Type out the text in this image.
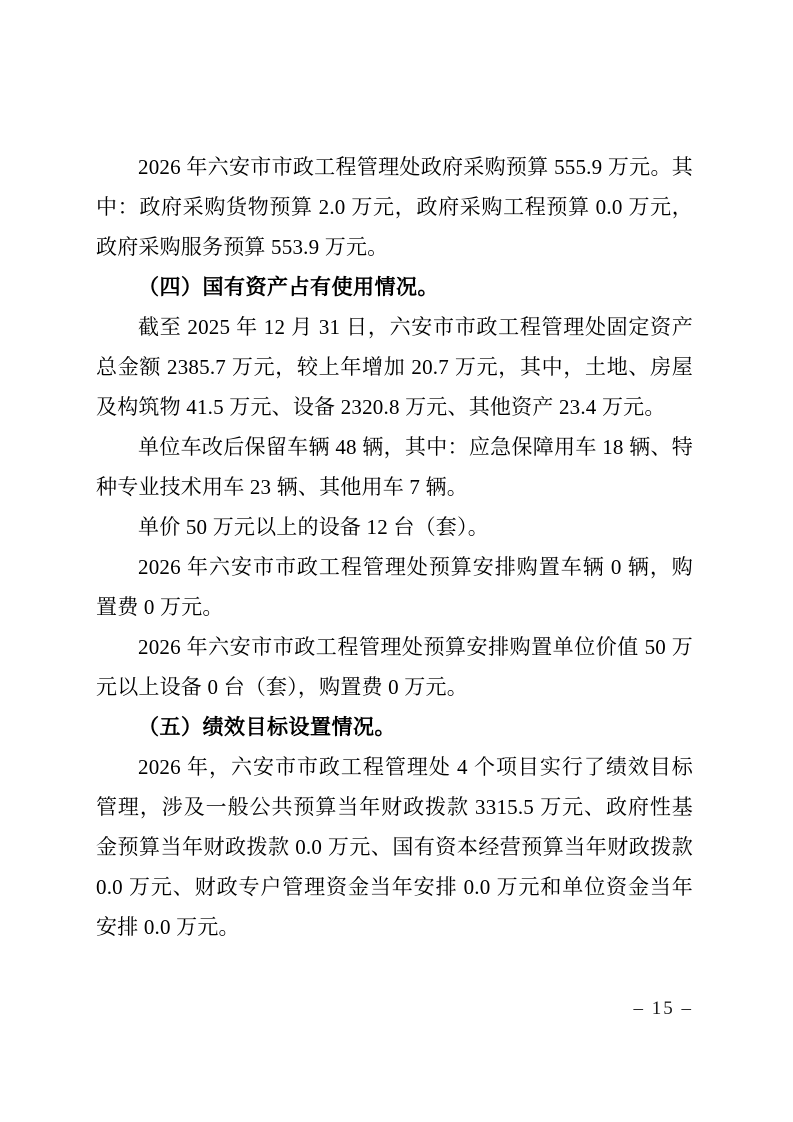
2026 年六安市市政工程管理处政府采购预算 555.9 万元。其中：政府采购货物预算 2.0 万元，政府采购工程预算 0.0 万元，政府采购服务预算 553.9 万元。

（四）国有资产占有使用情况。

截至 2025 年 12 月 31 日，六安市市政工程管理处固定资产总金额 2385.7 万元，较上年增加 20.7 万元，其中，土地、房屋及构筑物 41.5 万元、设备 2320.8 万元、其他资产 23.4 万元。

单位车改后保留车辆 48 辆，其中：应急保障用车 18 辆、特种专业技术用车 23 辆、其他用车 7 辆。

单价 50 万元以上的设备 12 台（套）。

2026 年六安市市政工程管理处预算安排购置车辆 0 辆，购置费 0 万元。

2026 年六安市市政工程管理处预算安排购置单位价值 50 万元以上设备 0 台（套），购置费 0 万元。

（五）绩效目标设置情况。

2026 年，六安市市政工程管理处 4 个项目实行了绩效目标管理，涉及一般公共预算当年财政拨款 3315.5 万元、政府性基金预算当年财政拨款 0.0 万元、国有资本经营预算当年财政拨款 0.0 万元、财政专户管理资金当年安排 0.0 万元和单位资金当年安排 0.0 万元。

– 15 –
